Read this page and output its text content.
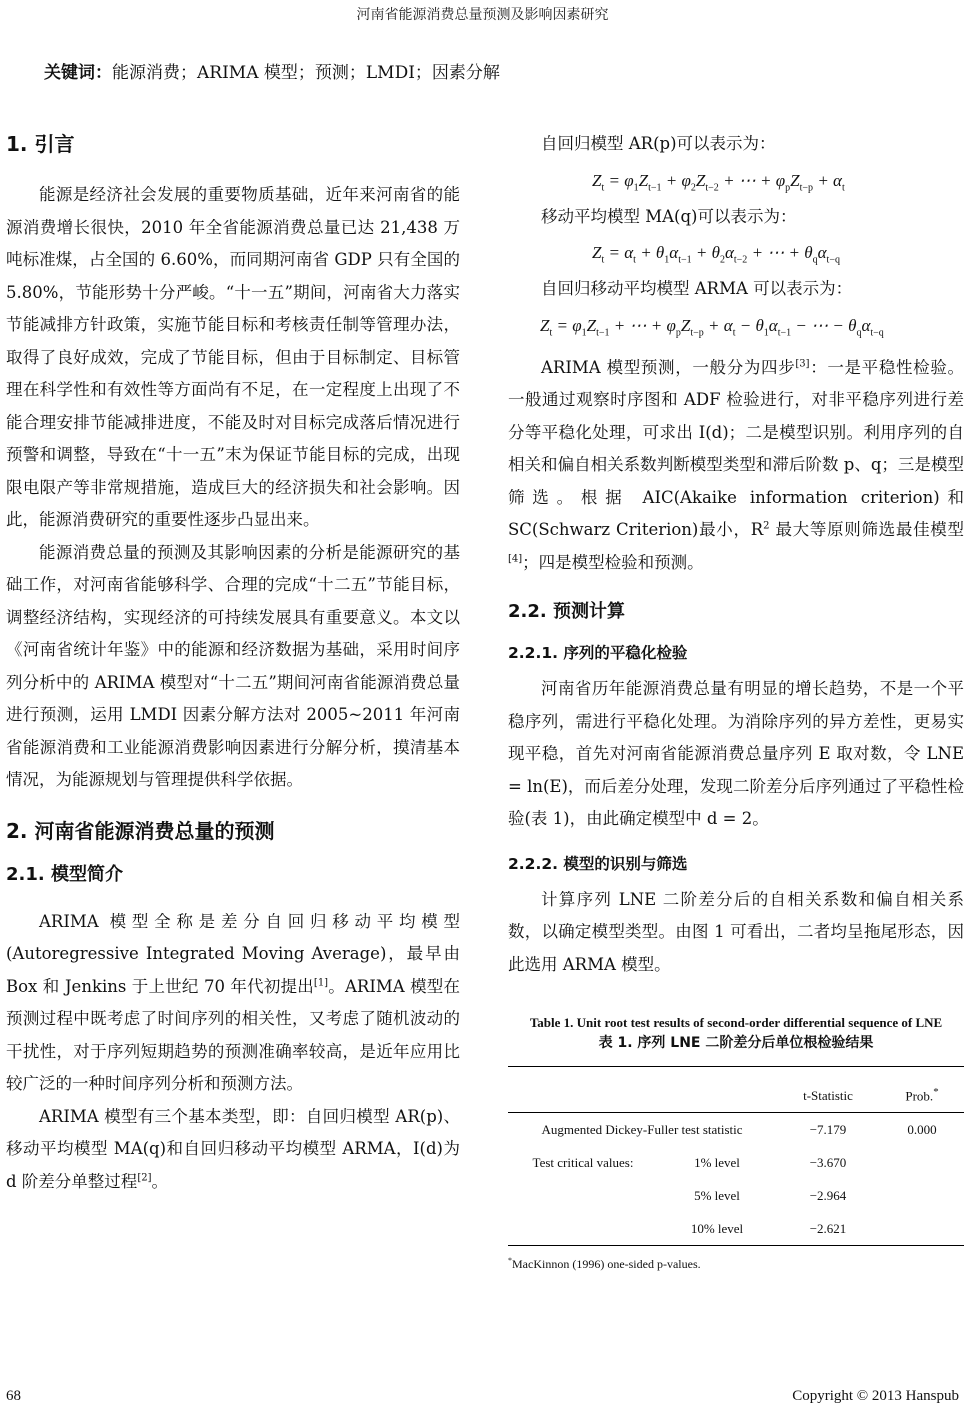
河南省能源消费总量预测及影响因素研究
关键词：能源消费；ARIMA 模型；预测；LMDI；因素分解
1. 引言

能源是经济社会发展的重要物质基础，近年来河南省的能源消费增长很快，2010 年全省能源消费总量已达 21,438 万吨标准煤，占全国的 6.60%，而同期河南省 GDP 只有全国的 5.80%，节能形势十分严峻。“十一五”期间，河南省大力落实节能减排方针政策，实施节能目标和考核责任制等管理办法，取得了良好成效，完成了节能目标，但由于目标制定、目标管理在科学性和有效性等方面尚有不足，在一定程度上出现了不能合理安排节能减排进度，不能及时对目标完成落后情况进行预警和调整，导致在“十一五”末为保证节能目标的完成，出现限电限产等非常规措施，造成巨大的经济损失和社会影响。因此，能源消费研究的重要性逐步凸显出来。

能源消费总量的预测及其影响因素的分析是能源研究的基础工作，对河南省能够科学、合理的完成“十二五”节能目标，调整经济结构，实现经济的可持续发展具有重要意义。本文以《河南省统计年鉴》中的能源和经济数据为基础，采用时间序列分析中的 ARIMA 模型对“十二五”期间河南省能源消费总量进行预测，运用 LMDI 因素分解方法对 2005~2011 年河南省能源消费和工业能源消费影响因素进行分解分析，摸清基本情况，为能源规划与管理提供科学依据。

2. 河南省能源消费总量的预测
2.1. 模型简介

ARIMA 模型全称是差分自回归移动平均模型 (Autoregressive Integrated Moving Average)，最早由 Box 和 Jenkins 于上世纪 70 年代初提出[1]。ARIMA 模型在预测过程中既考虑了时间序列的相关性，又考虑了随机波动的干扰性，对于序列短期趋势的预测准确率较高，是近年应用比较广泛的一种时间序列分析和预测方法。

ARIMA 模型有三个基本类型，即：自回归模型 AR(p)、移动平均模型 MA(q)和自回归移动平均模型 ARMA，I(d)为 d 阶差分单整过程[2]。

自回归模型 AR(p)可以表示为：

$Z_t = \varphi_1Z_{t-1} + \varphi_2Z_{t-2}$ + ⋯ + $\varphi_pZ_{t-p} + \alpha_t$

移动平均模型 MA(q)可以表示为：

$Z_t = \alpha_t + \theta_1\alpha_{t-1} + \theta_2\alpha_{t-2}$ + ⋯ + $\theta_q\alpha_{t-q}$

自回归移动平均模型 ARMA 可以表示为：

$Z_t = \varphi_1Z_{t-1}$ + ⋯ + $\varphi_pZ_{t-p} + \alpha_t - \theta_1\alpha_{t-1}$ − ⋯ − $\theta_q\alpha_{t-q}$

ARIMA 模型预测，一般分为四步[3]：一是平稳性检验。一般通过观察时序图和 ADF 检验进行，对非平稳序列进行差分等平稳化处理，可求出 I(d)；二是模型识别。利用序列的自相关和偏自相关系数判断模型类型和滞后阶数 p、q；三是模型筛选。根据 AIC(Akaike information criterion)和 SC(Schwarz Criterion)最小，$R^2$ 最大等原则筛选最佳模型[4]；四是模型检验和预测。

2.2. 预测计算
2.2.1. 序列的平稳化检验

河南省历年能源消费总量有明显的增长趋势，不是一个平稳序列，需进行平稳化处理。为消除序列的异方差性，更易实现平稳，首先对河南省能源消费总量序列 E 取对数，令 LNE = ln(E)，而后差分处理，发现二阶差分后序列通过了平稳性检验(表 1)，由此确定模型中 d = 2。

2.2.2. 模型的识别与筛选

计算序列 LNE 二阶差分后的自相关系数和偏自相关系数，以确定模型类型。由图 1 可看出，二者均呈拖尾形态，因此选用 ARMA 模型。

Table 1. Unit root test results of second-order differential sequence of LNE
表 1. 序列 LNE 二阶差分后单位根检验结果

		t-Statistic	Prob.*
Augmented Dickey-Fuller test statistic		−7.179	0.000
Test critical values:	1% level	−3.670	
	5% level	−2.964	
	10% level	−2.621	
*MacKinnon (1996) one-sided p-values.
68	Copyright © 2013 Hanspub
